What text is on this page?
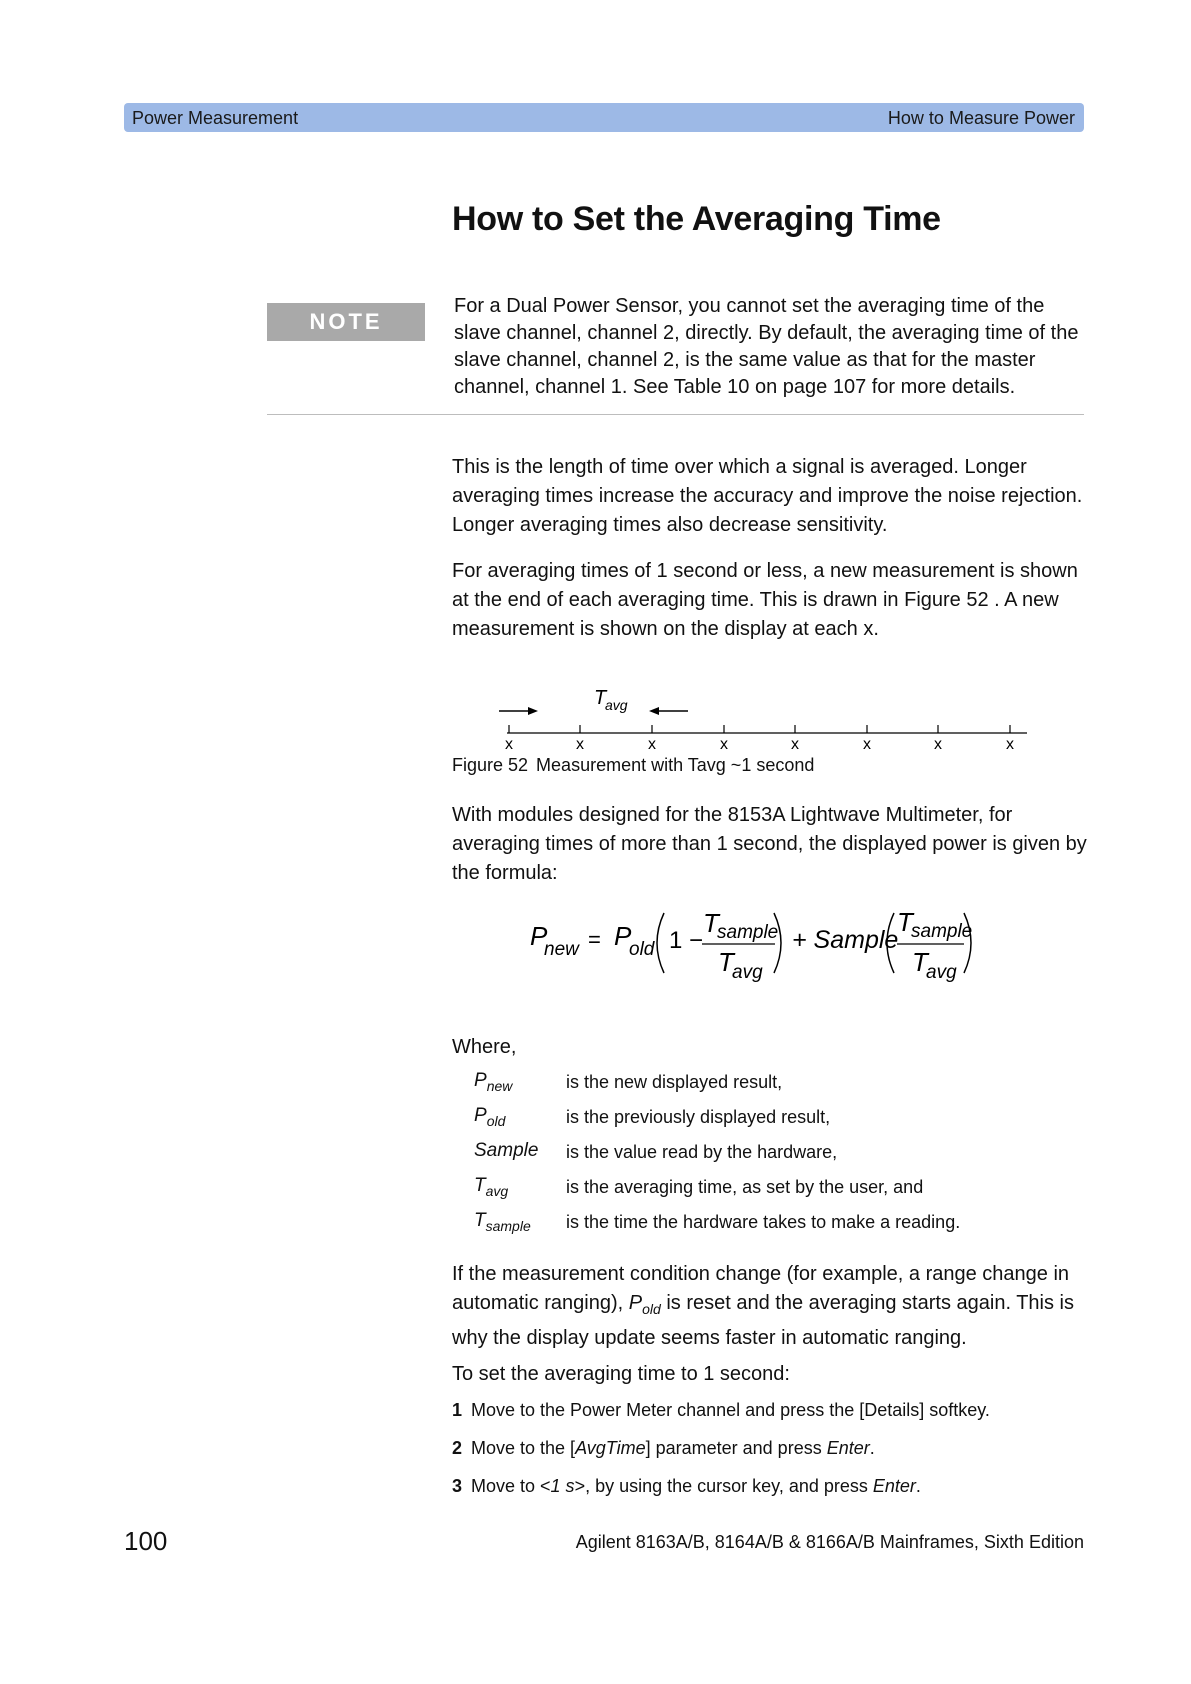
Power Measurement	How to Measure Power
How to Set the Averaging Time
NOTE

For a Dual Power Sensor, you cannot set the averaging time of the slave channel, channel 2, directly. By default, the averaging time of the slave channel, channel 2, is the same value as that for the master channel, channel 1. See Table 10 on page 107 for more details.

This is the length of time over which a signal is averaged. Longer averaging times increase the accuracy and improve the noise rejection. Longer averaging times also decrease sensitivity.

For averaging times of 1 second or less, a new measurement is shown at the end of each averaging time. This is drawn in Figure 52 . A new measurement is shown on the display at each x.

T
avg
x	x	x	x	x	x	x	x

Figure 52 Measurement with Tavg ~1 second

With modules designed for the 8153A Lightwave Multimeter, for averaging times of more than 1 second, the displayed power is given by the formula:

P
new = P
old 1 −
T
sample
T
avg
+ Sample
T
sample
T
avg

Where,

$P_{new}$	is the new displayed result,
$P_{old}$	is the previously displayed result,
Sample is the value read by the hardware,
$T_{avg}$	is the averaging time, as set by the user, and
$T_{sample}$ is the time the hardware takes to make a reading.

If the measurement condition change (for example, a range change in automatic ranging), $P_{old}$ is reset and the averaging starts again. This is why the display update seems faster in automatic ranging.

To set the averaging time to 1 second:

1 Move to the Power Meter channel and press the [Details] softkey.
2 Move to the [AvgTime] parameter and press Enter.
3 Move to <1 s>, by using the cursor key, and press Enter.
100	Agilent 8163A/B, 8164A/B & 8166A/B Mainframes, Sixth Edition
